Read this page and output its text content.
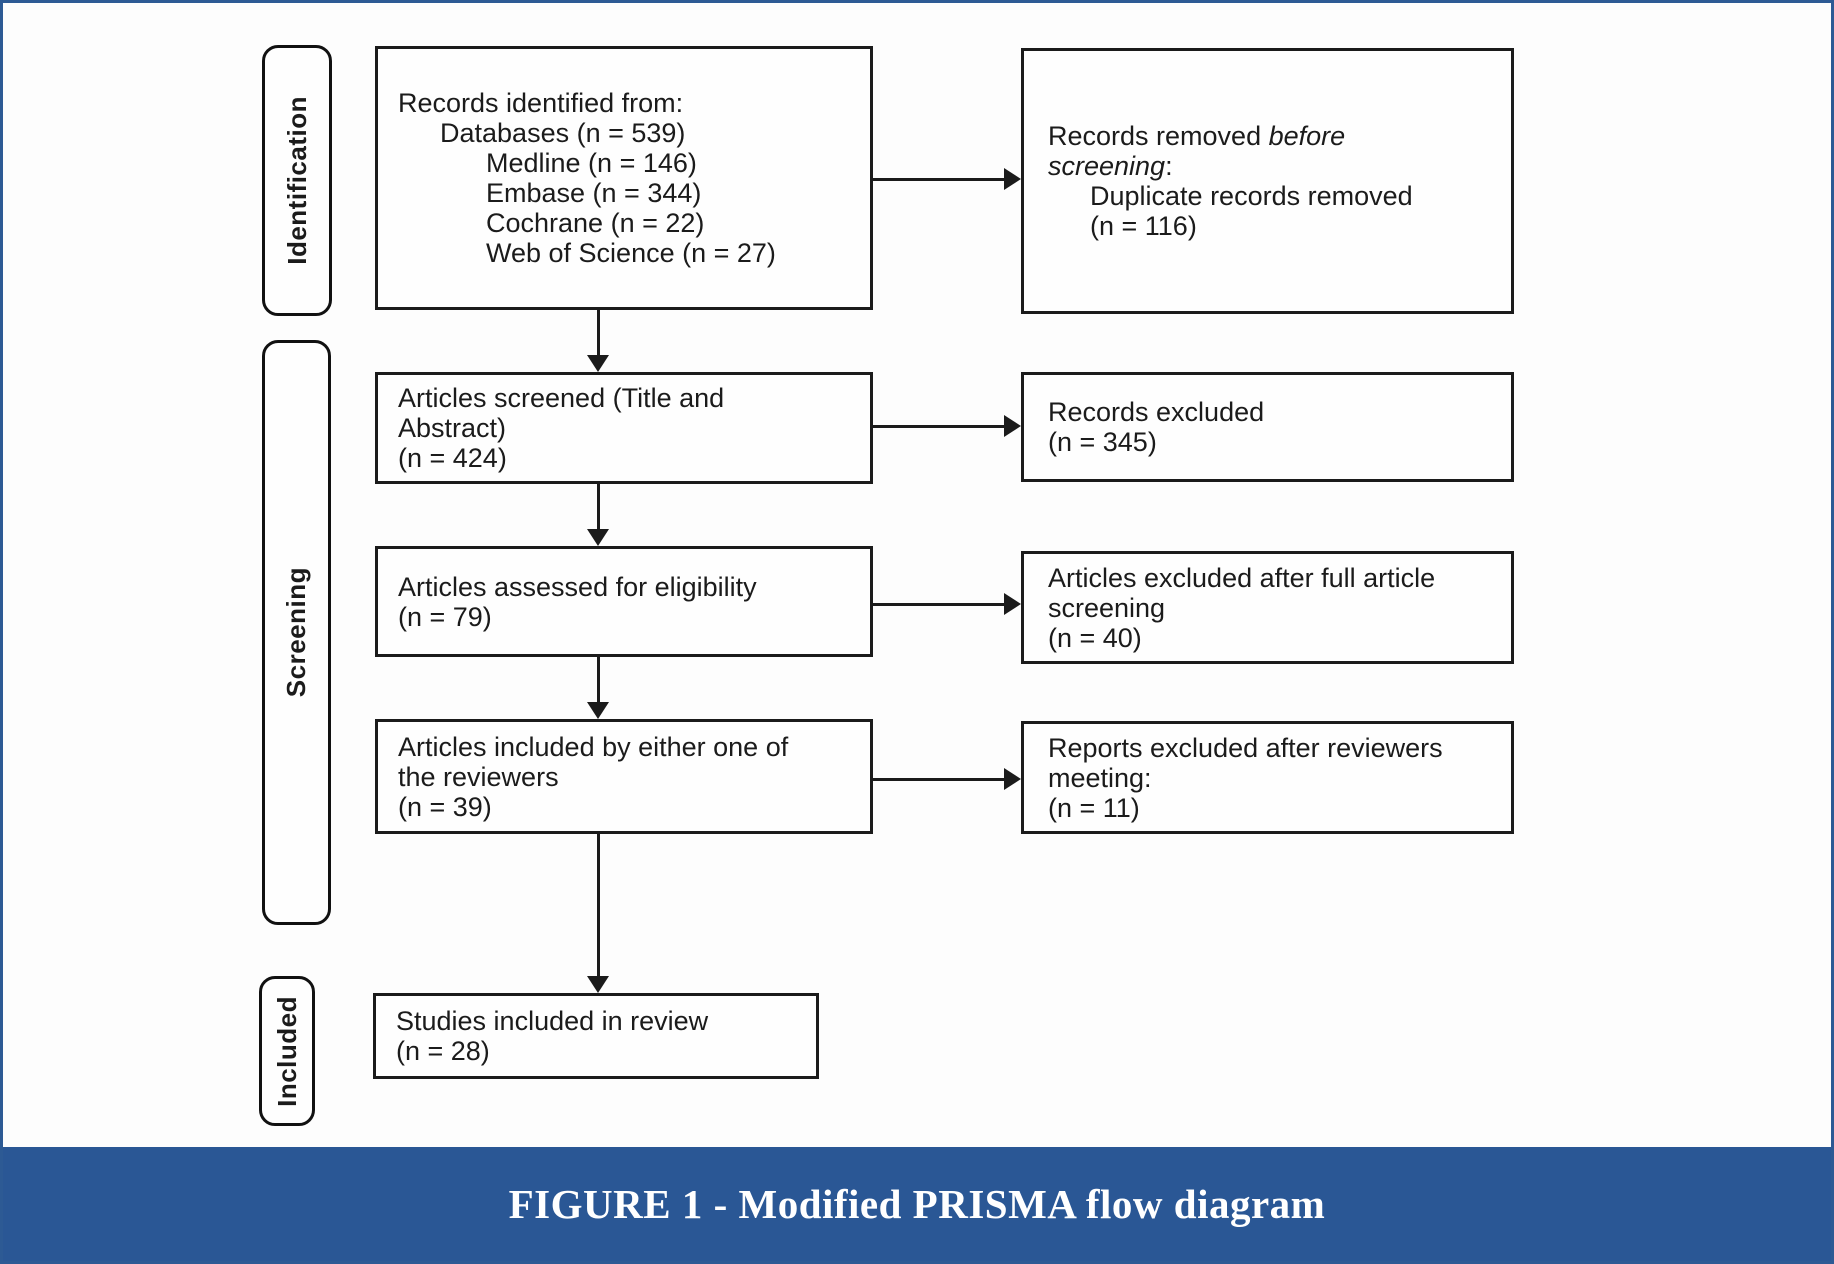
Identification
Screening
Included
Records identified from:
Databases (n = 539)
Medline (n = 146)
Embase (n = 344)
Cochrane (n = 22)
Web of Science (n = 27)
Articles screened (Title and
Abstract)
(n = 424)
Articles assessed for eligibility
(n = 79)
Articles included by either one of
the reviewers
(n = 39)
Studies included in review
(n = 28)
Records removed before
screening:
Duplicate records removed
(n = 116)
Records excluded
(n = 345)
Articles excluded after full article
screening
(n = 40)
Reports excluded after reviewers
meeting:
(n = 11)
FIGURE 1 - Modified PRISMA flow diagram
